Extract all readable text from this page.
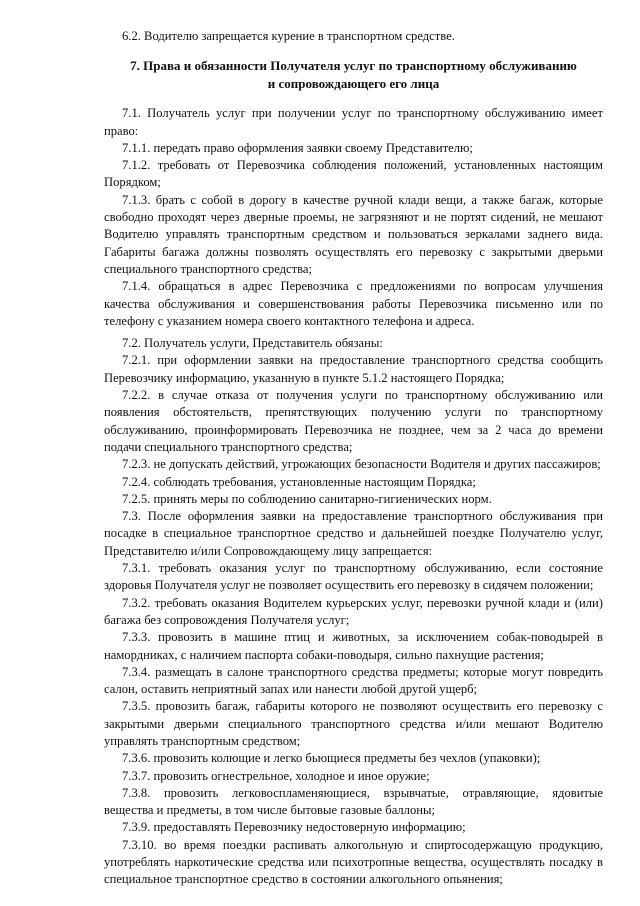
6.2. Водителю запрещается курение в транспортном средстве.

7. Права и обязанности Получателя услуг по транспортному обслуживанию
и сопровождающего его лица

7.1. Получатель услуг при получении услуг по транспортному обслуживанию имеет право:

7.1.1. передать право оформления заявки своему Представителю;

7.1.2. требовать от Перевозчика соблюдения положений, установленных настоящим Порядком;

7.1.3. брать с собой в дорогу в качестве ручной клади вещи, а также багаж, которые свободно проходят через дверные проемы, не загрязняют и не портят сидений, не мешают Водителю управлять транспортным средством и пользоваться зеркалами заднего вида. Габариты багажа должны позволять осуществлять его перевозку с закрытыми дверьми специального транспортного средства;

7.1.4. обращаться в адрес Перевозчика с предложениями по вопросам улучшения качества обслуживания и совершенствования работы Перевозчика письменно или по телефону с указанием номера своего контактного телефона и адреса.

7.2. Получатель услуги, Представитель обязаны:

7.2.1. при оформлении заявки на предоставление транспортного средства сообщить Перевозчику информацию, указанную в пункте 5.1.2 настоящего Порядка;

7.2.2. в случае отказа от получения услуги по транспортному обслуживанию или появления обстоятельств, препятствующих получению услуги по транспортному обслуживанию, проинформировать Перевозчика не позднее, чем за 2 часа до времени подачи специального транспортного средства;

7.2.3. не допускать действий, угрожающих безопасности Водителя и других пассажиров;

7.2.4. соблюдать требования, установленные настоящим Порядка;

7.2.5. принять меры по соблюдению санитарно-гигиенических норм.

7.3. После оформления заявки на предоставление транспортного обслуживания при посадке в специальное транспортное средство и дальнейшей поездке Получателю услуг, Представителю и/или Сопровождающему лицу запрещается:

7.3.1. требовать оказания услуг по транспортному обслуживанию, если состояние здоровья Получателя услуг не позволяет осуществить его перевозку в сидячем положении;

7.3.2. требовать оказания Водителем курьерских услуг, перевозки ручной клади и (или) багажа без сопровождения Получателя услуг;

7.3.3. провозить в машине птиц и животных, за исключением собак-поводырей в намордниках, с наличием паспорта собаки-поводыря, сильно пахнущие растения;

7.3.4. размещать в салоне транспортного средства предметы; которые могут повредить салон, оставить неприятный запах или нанести любой другой ущерб;

7.3.5. провозить багаж, габариты которого не позволяют осуществить его перевозку с закрытыми дверьми специального транспортного средства и/или мешают Водителю управлять транспортным средством;

7.3.6. провозить колющие и легко бьющиеся предметы без чехлов (упаковки);

7.3.7. провозить огнестрельное, холодное и иное оружие;

7.3.8. провозить легковоспламеняющиеся, взрывчатые, отравляющие, ядовитые вещества и предметы, в том числе бытовые газовые баллоны;

7.3.9. предоставлять Перевозчику недостоверную информацию;

7.3.10. во время поездки распивать алкогольную и спиртосодержащую продукцию, употреблять наркотические средства или психотропные вещества, осуществлять посадку в специальное транспортное средство в состоянии алкогольного опьянения;
